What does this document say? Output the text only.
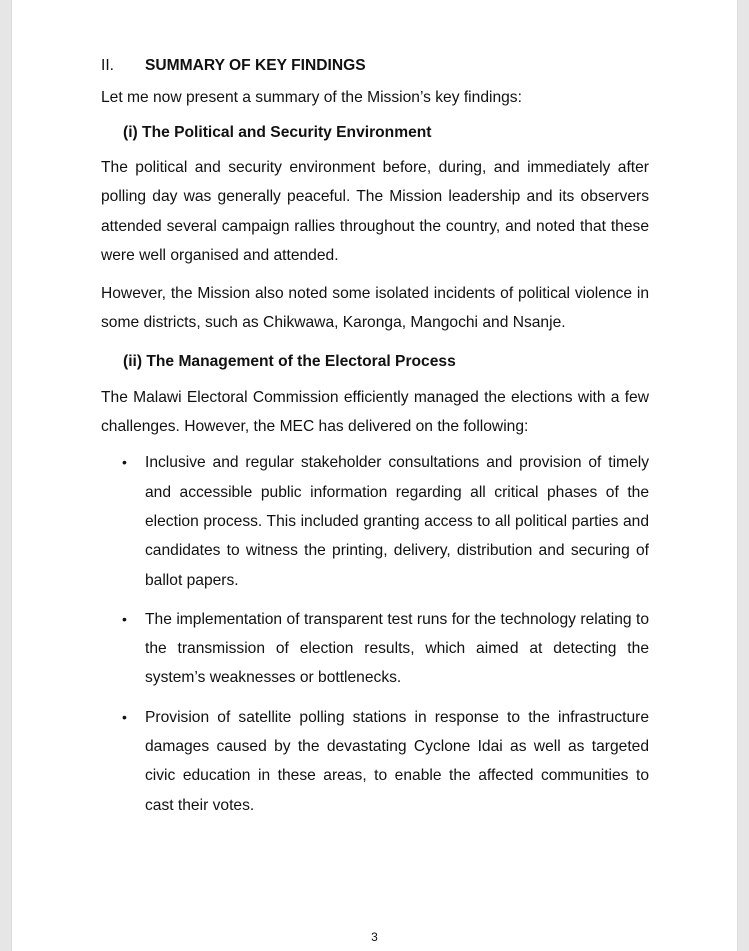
II.	SUMMARY OF KEY FINDINGS

Let me now present a summary of the Mission’s key findings:

(i) The Political and Security Environment

The political and security environment before, during, and immediately after polling day was generally peaceful. The Mission leadership and its observers attended several campaign rallies throughout the country, and noted that these were well organised and attended.

However, the Mission also noted some isolated incidents of political violence in some districts, such as Chikwawa, Karonga, Mangochi and Nsanje.

(ii) The Management of the Electoral Process

The Malawi Electoral Commission efficiently managed the elections with a few challenges. However, the MEC has delivered on the following:

•	Inclusive and regular stakeholder consultations and provision of timely and accessible public information regarding all critical phases of the election process. This included granting access to all political parties and candidates to witness the printing, delivery, distribution and securing of ballot papers.
•	The implementation of transparent test runs for the technology relating to the transmission of election results, which aimed at detecting the system’s weaknesses or bottlenecks.
•	Provision of satellite polling stations in response to the infrastructure damages caused by the devastating Cyclone Idai as well as targeted civic education in these areas, to enable the affected communities to cast their votes.
3
